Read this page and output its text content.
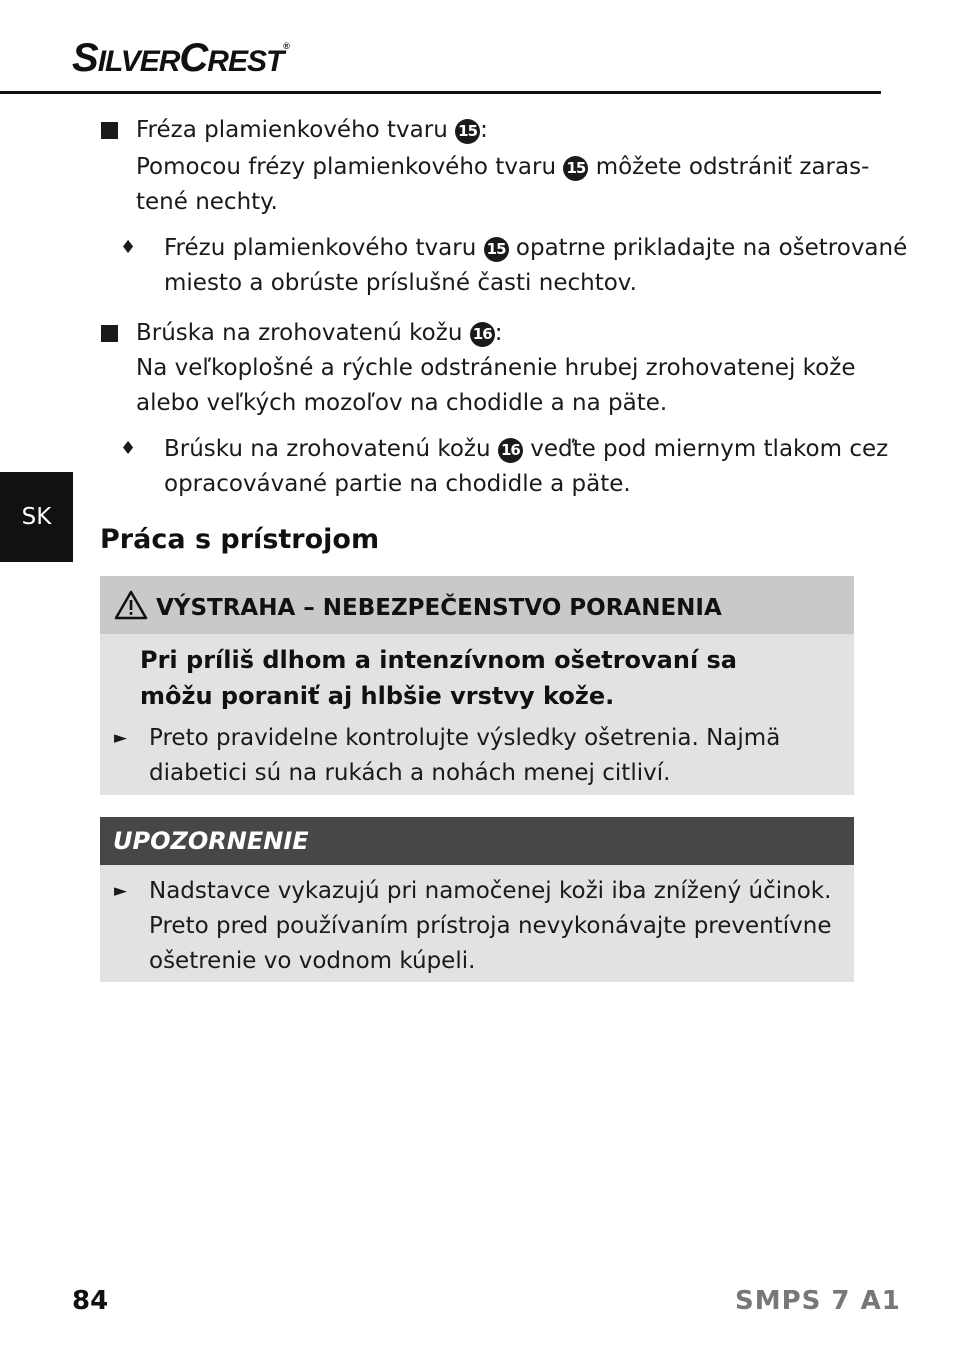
SILVERCREST®
SK
Fréza plamienkového tvaru 15 :
Pomocou frézy plamienkového tvaru 15 môžete odstrániť zaras-
tené nechty.
♦ Frézu plamienkového tvaru 15 opatrne prikladajte na ošetrované
miesto a obrúste príslušné časti nechtov.
Brúska na zrohovatenú kožu 16 :
Na veľkoplošné a rýchle odstránenie hrubej zrohovatenej kože
alebo veľkých mozoľov na chodidle a na päte.
♦ Brúsku na zrohovatenú kožu 16 veďte pod miernym tlakom cez
opracovávané partie na chodidle a päte.
Práca s prístrojom
VÝSTRAHA – NEBEZPEČENSTVO PORANENIA
Pri príliš dlhom a intenzívnom ošetrovaní sa
môžu poraniť aj hlbšie vrstvy kože.
► Preto pravidelne kontrolujte výsledky ošetrenia. Najmä
diabetici sú na rukách a nohách menej citliví.
UPOZORNENIE
► Nadstavce vykazujú pri namočenej koži iba znížený účinok.
Preto pred používaním prístroja nevykonávajte preventívne
ošetrenie vo vodnom kúpeli.
84	SMPS 7 A1
